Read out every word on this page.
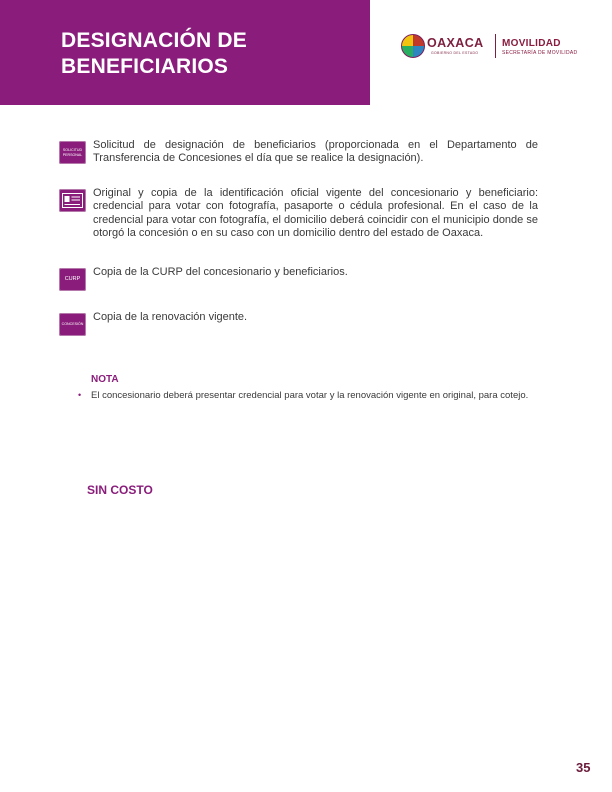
DESIGNACIÓN DE
BENEFICIARIOS
OAXACA
GOBIERNO DEL ESTADO
MOVILIDAD
SECRETARÍA DE MOVILIDAD
SOLICITUD PERSONAL
Solicitud de designación de beneficiarios (proporcionada en el Departamento de Transferencia de Concesiones el día que se realice la designación).
Original y copia de la identificación oficial vigente del concesionario y beneficiario: credencial para votar con fotografía, pasaporte o cédula profesional. En el caso de la credencial para votar con fotografía, el domicilio deberá coincidir con el municipio donde se otorgó la concesión o en su caso con un domicilio dentro del estado de Oaxaca.
CURP
Copia de la CURP del concesionario y beneficiarios.
CONCESIÓN
Copia de la renovación vigente.
NOTA
• El concesionario deberá presentar credencial para votar y la renovación vigente en original, para cotejo.
SIN COSTO
35
